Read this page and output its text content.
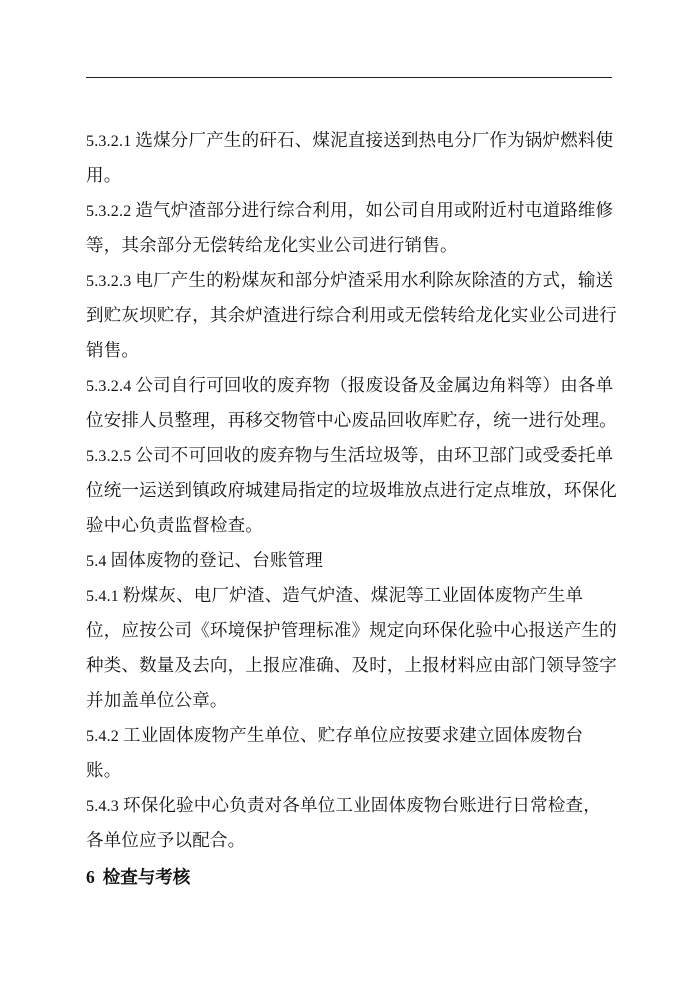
5.3.2.1 选煤分厂产生的矸石、煤泥直接送到热电分厂作为锅炉燃料使用。

5.3.2.2 造气炉渣部分进行综合利用，如公司自用或附近村屯道路维修等，其余部分无偿转给龙化实业公司进行销售。

5.3.2.3 电厂产生的粉煤灰和部分炉渣采用水利除灰除渣的方式，输送到贮灰坝贮存，其余炉渣进行综合利用或无偿转给龙化实业公司进行销售。

5.3.2.4 公司自行可回收的废弃物（报废设备及金属边角料等）由各单位安排人员整理，再移交物管中心废品回收库贮存，统一进行处理。

5.3.2.5 公司不可回收的废弃物与生活垃圾等，由环卫部门或受委托单位统一运送到镇政府城建局指定的垃圾堆放点进行定点堆放，环保化验中心负责监督检查。

5.4 固体废物的登记、台账管理

5.4.1 粉煤灰、电厂炉渣、造气炉渣、煤泥等工业固体废物产生单位，应按公司《环境保护管理标准》规定向环保化验中心报送产生的种类、数量及去向，上报应准确、及时，上报材料应由部门领导签字并加盖单位公章。

5.4.2 工业固体废物产生单位、贮存单位应按要求建立固体废物台账。

5.4.3 环保化验中心负责对各单位工业固体废物台账进行日常检查，各单位应予以配合。

6 检查与考核
